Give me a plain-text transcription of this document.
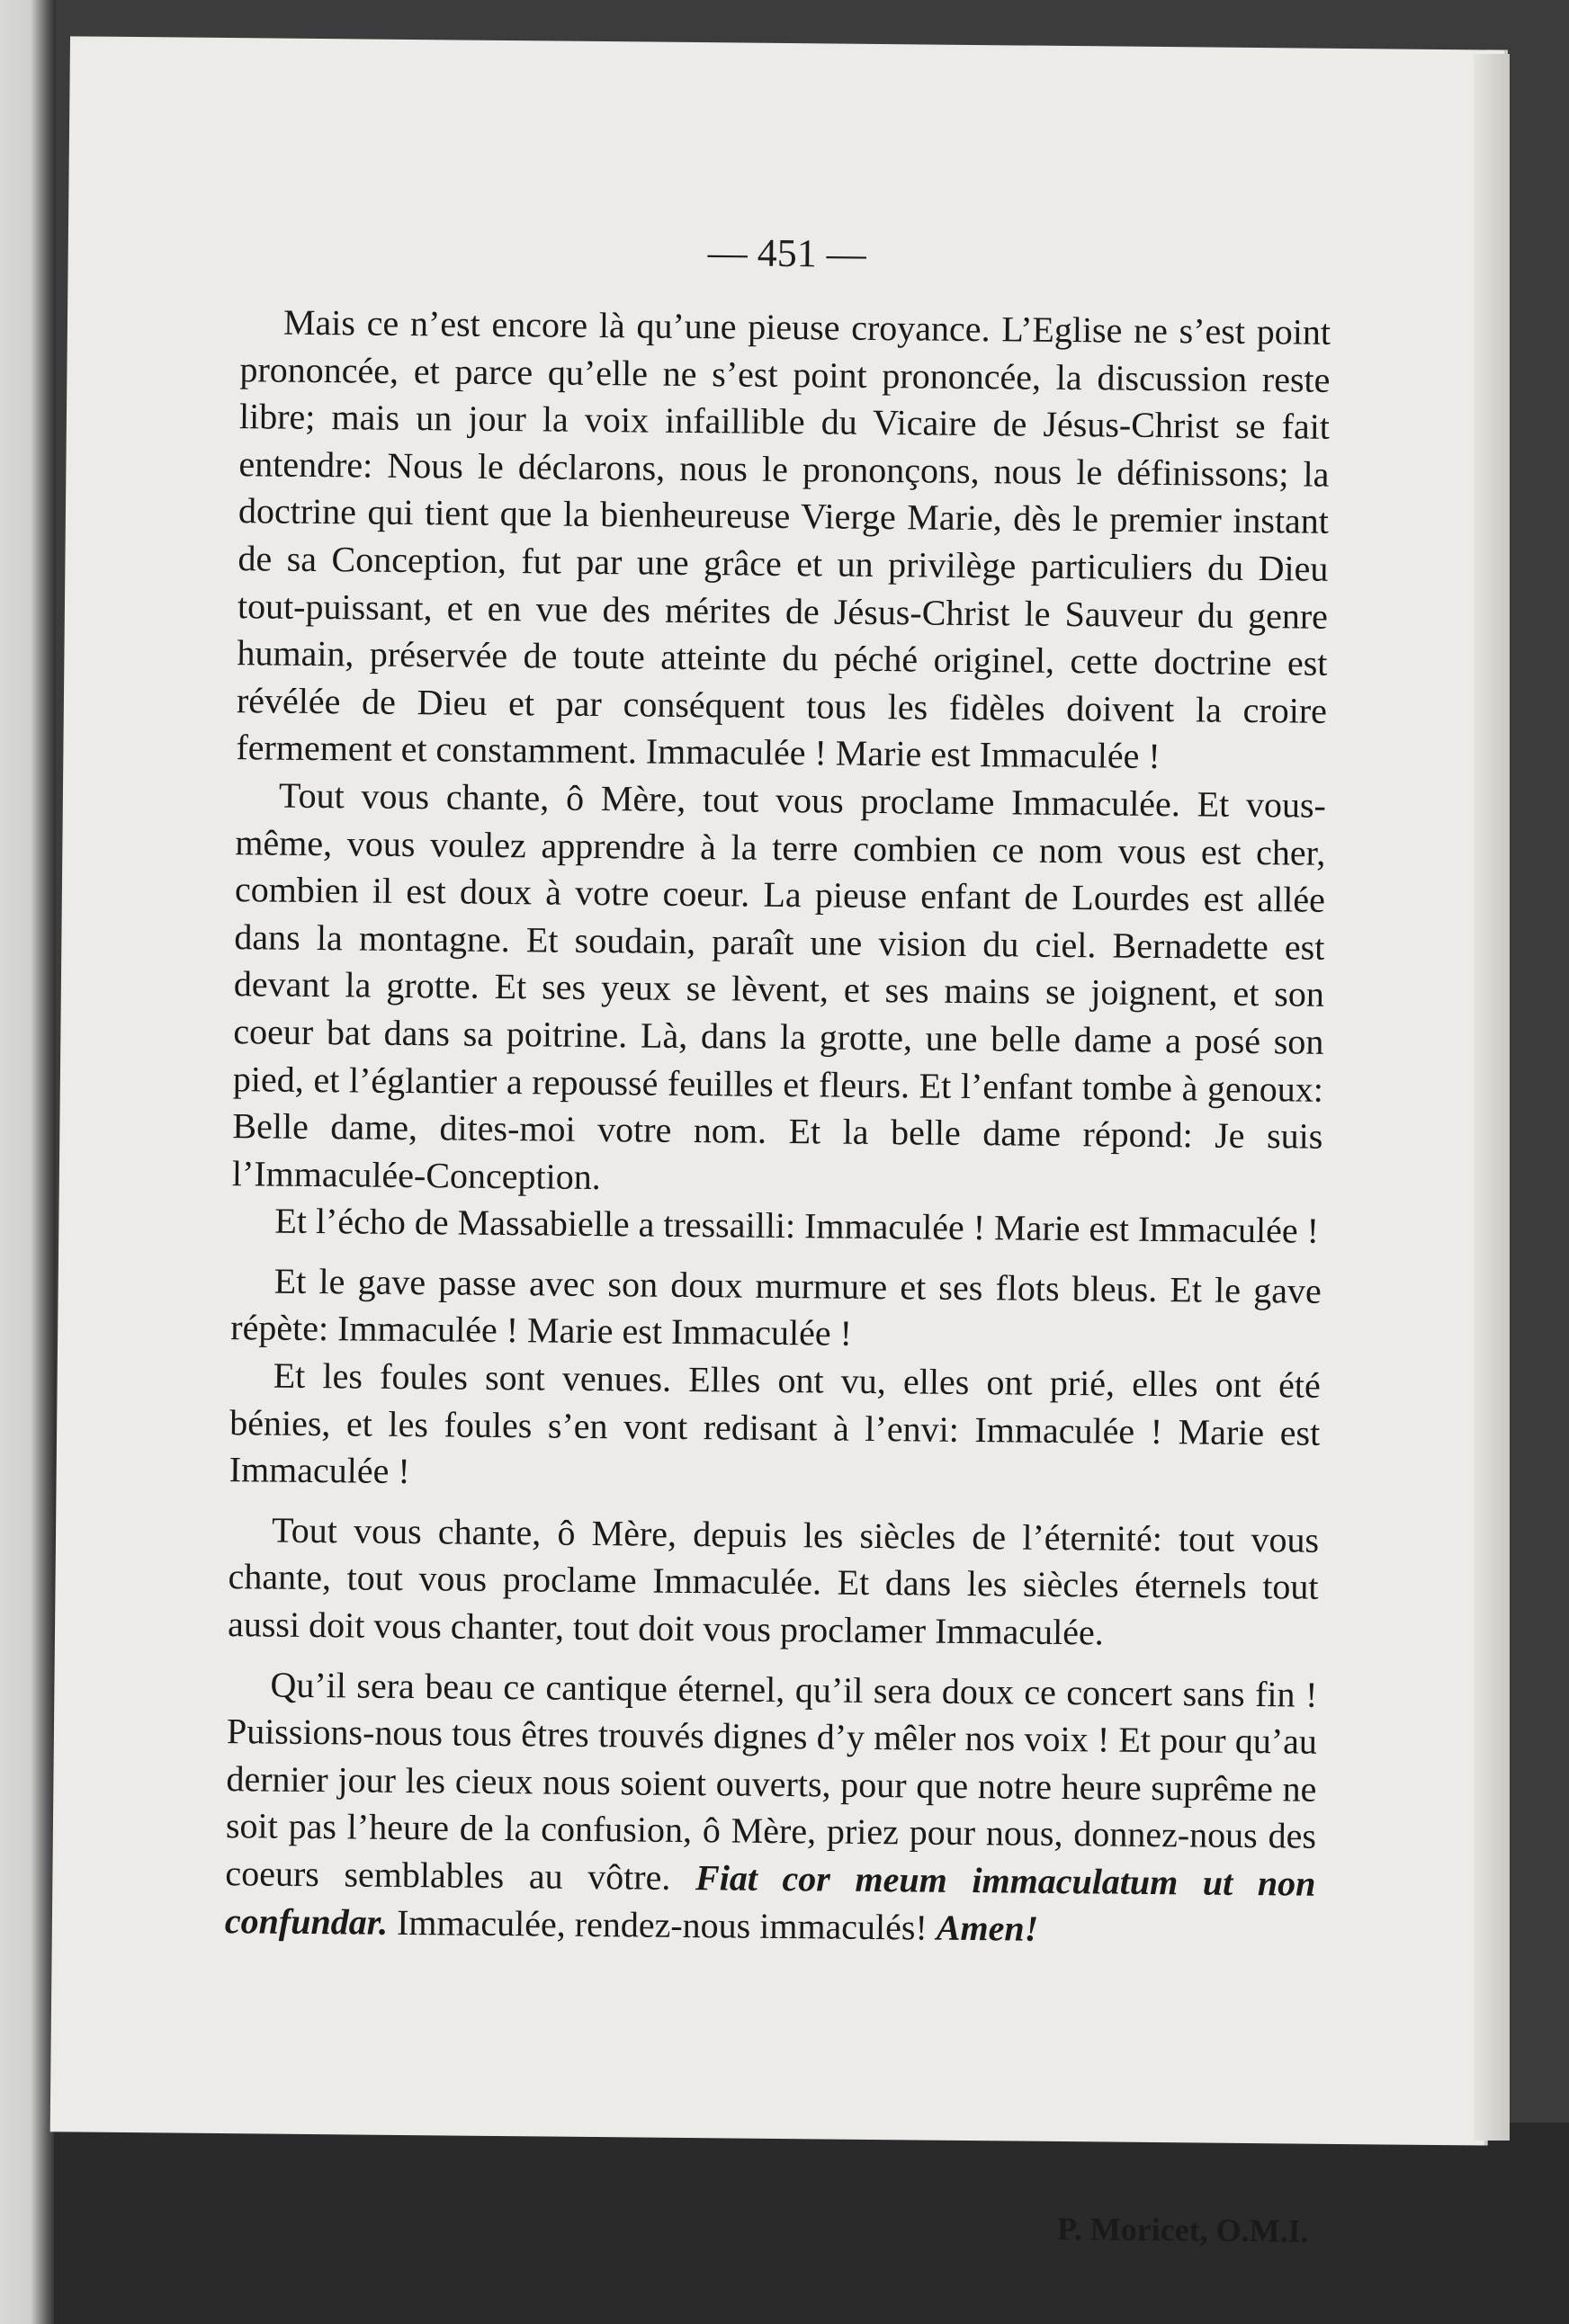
— 451 —

Mais ce n’est encore là qu’une pieuse croyance. L’Eglise ne s’est point prononcée, et parce qu’elle ne s’est point prononcée, la discussion reste libre; mais un jour la voix infaillible du Vicaire de Jésus-Christ se fait entendre: Nous le déclarons, nous le prononçons, nous le définissons; la doctrine qui tient que la bienheureuse Vierge Marie, dès le premier instant de sa Conception, fut par une grâce et un privilège particuliers du Dieu tout-puissant, et en vue des mérites de Jésus-Christ le Sauveur du genre humain, préservée de toute atteinte du péché originel, cette doctrine est révélée de Dieu et par conséquent tous les fidèles doivent la croire fermement et constamment. Immaculée ! Marie est Immaculée !

Tout vous chante, ô Mère, tout vous proclame Immaculée. Et vous-même, vous voulez apprendre à la terre combien ce nom vous est cher, combien il est doux à votre coeur. La pieuse enfant de Lourdes est allée dans la montagne. Et soudain, paraît une vision du ciel. Bernadette est devant la grotte. Et ses yeux se lèvent, et ses mains se joignent, et son coeur bat dans sa poitrine. Là, dans la grotte, une belle dame a posé son pied, et l’églantier a repoussé feuilles et fleurs. Et l’enfant tombe à genoux: Belle dame, dites-moi votre nom. Et la belle dame répond: Je suis l’Immaculée-Conception.

Et l’écho de Massabielle a tressailli: Immaculée ! Marie est Immaculée !

Et le gave passe avec son doux murmure et ses flots bleus. Et le gave répète: Immaculée ! Marie est Immaculée !

Et les foules sont venues. Elles ont vu, elles ont prié, elles ont été bénies, et les foules s’en vont redisant à l’envi: Immaculée ! Marie est Immaculée !

Tout vous chante, ô Mère, depuis les siècles de l’éternité: tout vous chante, tout vous proclame Immaculée. Et dans les siècles éternels tout aussi doit vous chanter, tout doit vous proclamer Immaculée.

Qu’il sera beau ce cantique éternel, qu’il sera doux ce concert sans fin ! Puissions-nous tous êtres trouvés dignes d’y mêler nos voix ! Et pour qu’au dernier jour les cieux nous soient ouverts, pour que notre heure suprême ne soit pas l’heure de la confusion, ô Mère, priez pour nous, donnez-nous des coeurs semblables au vôtre. Fiat cor meum immaculatum ut non confundar. Immaculée, rendez-nous immaculés! Amen!

P. Moricet, O.M.I.
